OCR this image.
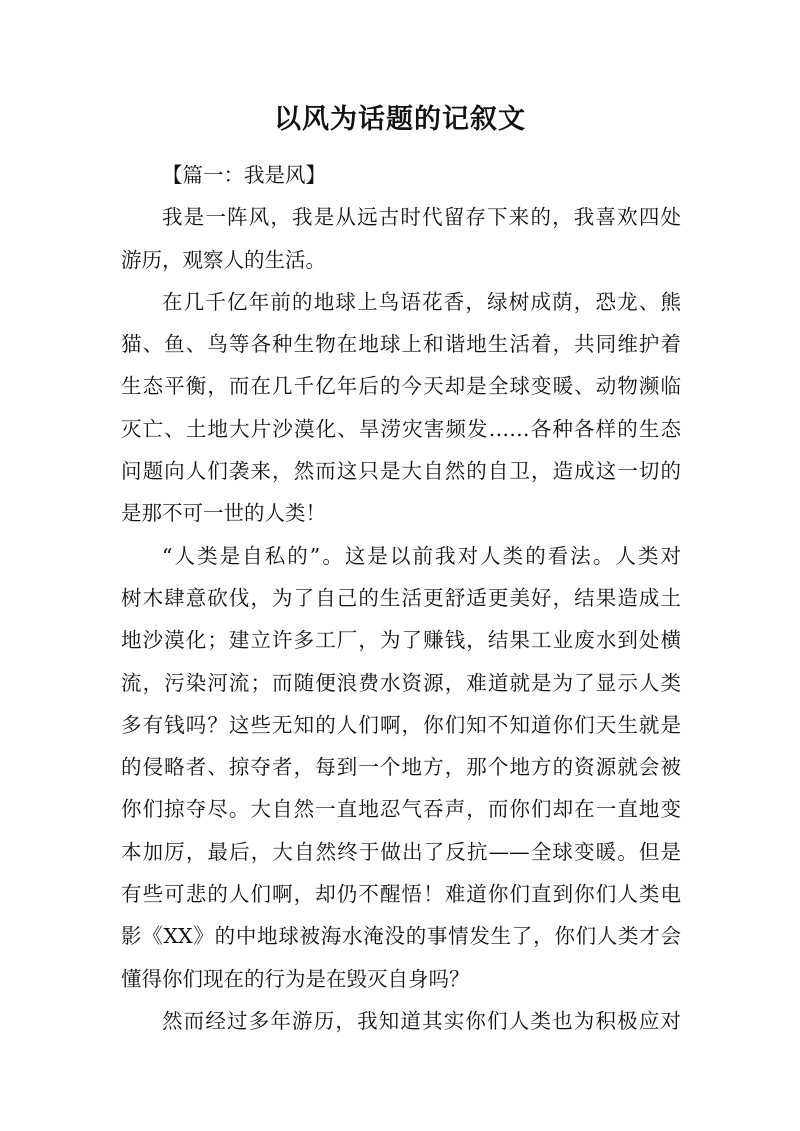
以风为话题的记叙文
【篇一：我是风】
我是一阵风，我是从远古时代留存下来的，我喜欢四处
游历，观察人的生活。
在几千亿年前的地球上鸟语花香，绿树成荫，恐龙、熊
猫、鱼、鸟等各种生物在地球上和谐地生活着，共同维护着
生态平衡，而在几千亿年后的今天却是全球变暖、动物濒临
灭亡、土地大片沙漠化、旱涝灾害频发……各种各样的生态
问题向人们袭来，然而这只是大自然的自卫，造成这一切的
是那不可一世的人类！
“人类是自私的”。这是以前我对人类的看法。人类对
树木肆意砍伐，为了自己的生活更舒适更美好，结果造成土
地沙漠化；建立许多工厂，为了赚钱，结果工业废水到处横
流，污染河流；而随便浪费水资源，难道就是为了显示人类
多有钱吗？这些无知的人们啊，你们知不知道你们天生就是
的侵略者、掠夺者，每到一个地方，那个地方的资源就会被
你们掠夺尽。大自然一直地忍气吞声，而你们却在一直地变
本加厉，最后，大自然终于做出了反抗——全球变暖。但是
有些可悲的人们啊，却仍不醒悟！难道你们直到你们人类电
影《XX》的中地球被海水淹没的事情发生了，你们人类才会
懂得你们现在的行为是在毁灭自身吗？
然而经过多年游历，我知道其实你们人类也为积极应对
